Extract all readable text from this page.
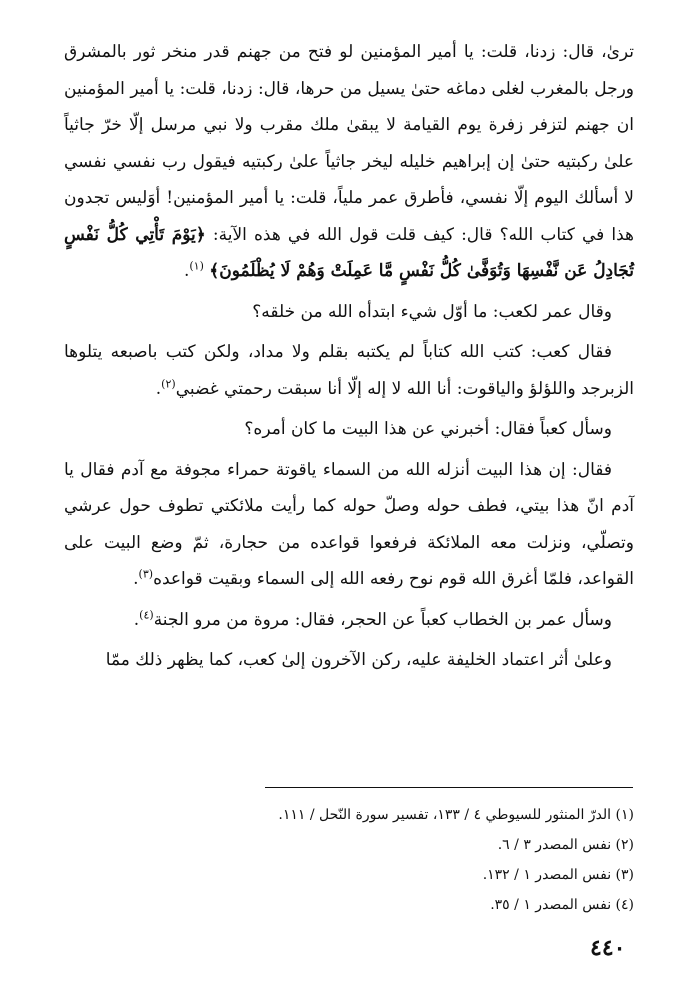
ترىٰ، قال: زدنا، قلت: يا أمير المؤمنين لو فتح من جهنم قدر منخر ثور بالمشرق ورجل بالمغرب لغلى دماغه حتىٰ يسيل من حرها، قال: زدنا، قلت: يا أمير المؤمنين ان جهنم لتزفر زفرة يوم القيامة لا يبقىٰ ملك مقرب ولا نبي مرسل إلّا خرّ جاثياً علىٰ ركبتيه حتىٰ إن إبراهيم خليله ليخر جاثياً علىٰ ركبتيه فيقول رب نفسي نفسي لا أسألك اليوم إلّا نفسي، فأطرق عمر ملياً، قلت: يا أمير المؤمنين! أوَليس تجدون هذا في كتاب الله؟ قال: كيف قلت قول الله في هذه الآية: ﴿يَوْمَ تَأْتِي كُلُّ نَفْسٍ تُجَادِلُ عَن نَّفْسِهَا وَتُوَفَّىٰ كُلُّ نَفْسٍ مَّا عَمِلَتْ وَهُمْ لَا يُظْلَمُونَ﴾ $^{(١)}$.

وقال عمر لكعب: ما أوّل شيء ابتدأه الله من خلقه؟

فقال كعب: كتب الله كتاباً لم يكتبه بقلم ولا مداد، ولكن كتب باصبعه يتلوها الزبرجد واللؤلؤ والياقوت: أنا الله لا إله إلّا أنا سبقت رحمتي غضبي$^{(٢)}$.

وسأل كعباً فقال: أخبرني عن هذا البيت ما كان أمره؟

فقال: إن هذا البيت أنزله الله من السماء ياقوتة حمراء مجوفة مع آدم فقال يا آدم انّ هذا بيتي، فطف حوله وصلّ حوله كما رأيت ملائكتي تطوف حول عرشي وتصلّي، ونزلت معه الملائكة فرفعوا قواعده من حجارة، ثمّ وضع البيت على القواعد، فلمّا أغرق الله قوم نوح رفعه الله إلى السماء وبقيت قواعده$^{(٣)}$.

وسأل عمر بن الخطاب كعباً عن الحجر، فقال: مروة من مرو الجنة$^{(٤)}$.

وعلىٰ أثر اعتماد الخليفة عليه، ركن الآخرون إلىٰ كعب، كما يظهر ذلك ممّا

(١) الدرّ المنثور للسيوطي ٤ / ١٣٣، تفسير سورة النّحل / ١١١.

(٢) نفس المصدر ٣ / ٦.

(٣) نفس المصدر ١ / ١٣٢.

(٤) نفس المصدر ١ / ٣٥.

٤٤٠
